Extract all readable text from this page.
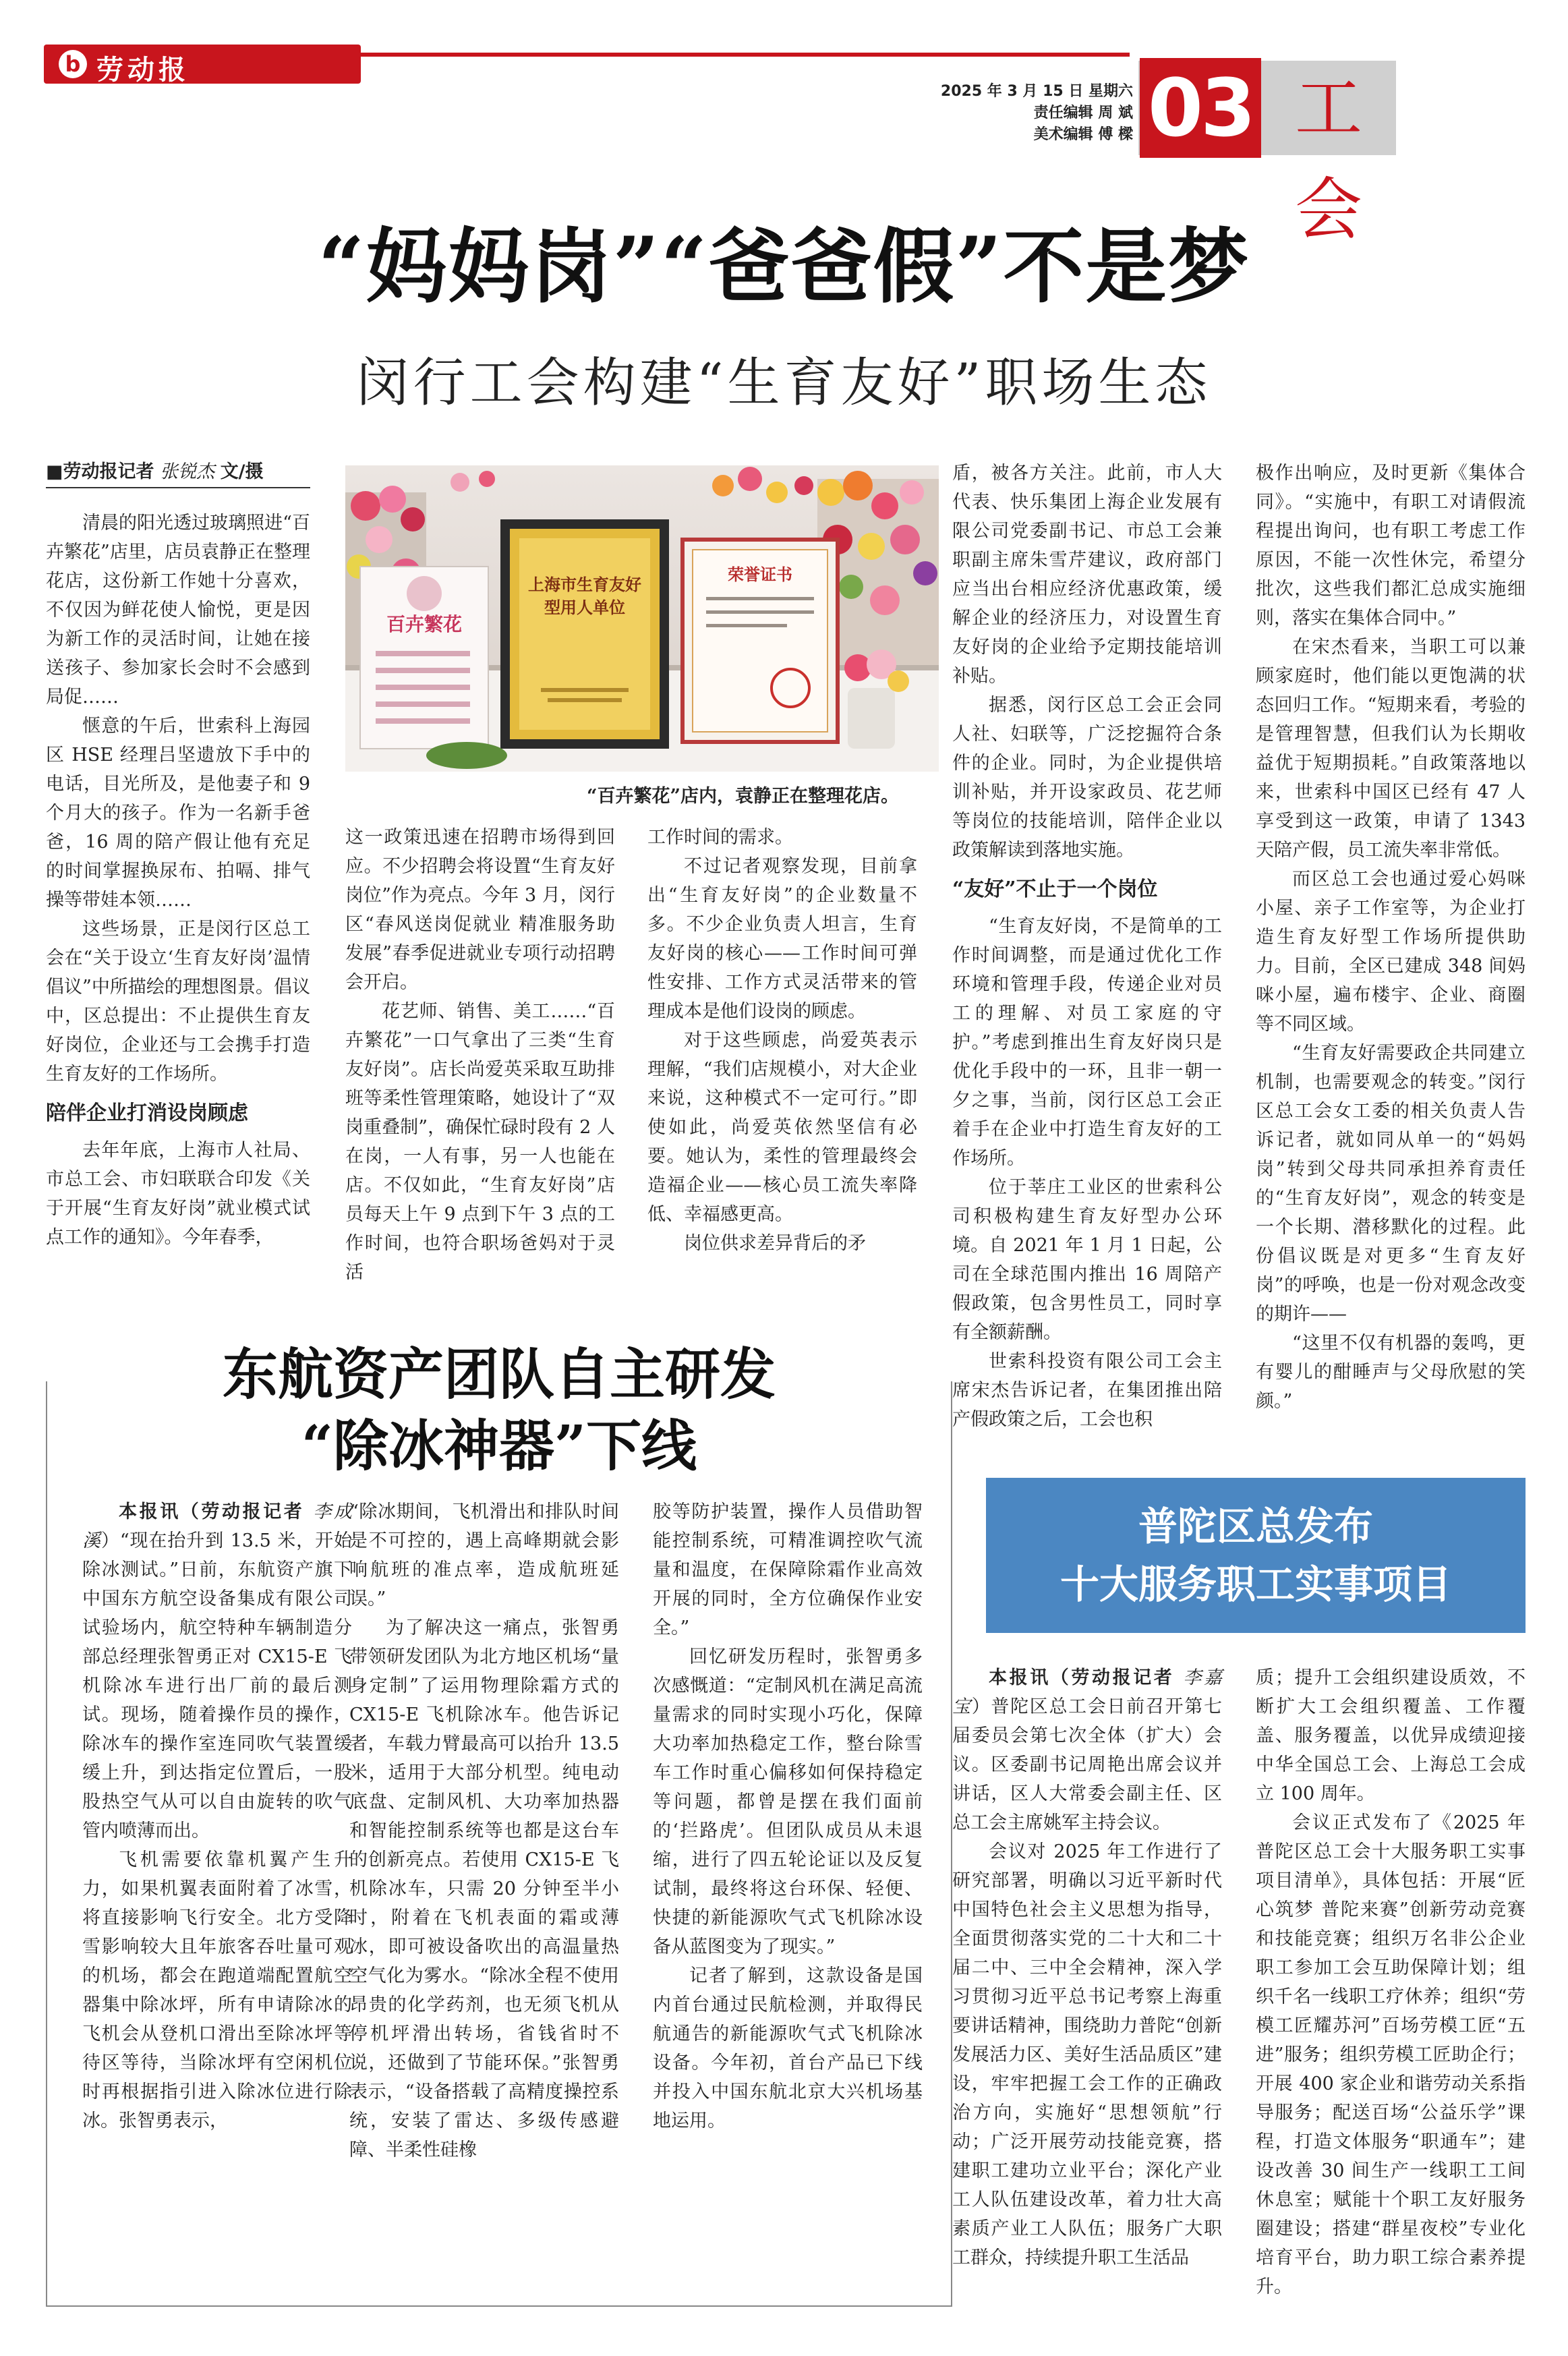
b 劳动报
2025 年 3 月 15 日 星期六
责任编辑 周 斌
美术编辑 傅 樑 03 工会
“妈妈岗”“爸爸假”不是梦
闵行工会构建“生育友好”职场生态
■劳动报记者 张锐杰 文/摄

清晨的阳光透过玻璃照进“百卉繁花”店里，店员袁静正在整理花店，这份新工作她十分喜欢，不仅因为鲜花使人愉悦，更是因为新工作的灵活时间，让她在接送孩子、参加家长会时不会感到局促……

惬意的午后，世索科上海园区 HSE 经理吕坚遗放下手中的电话，目光所及，是他妻子和 9 个月大的孩子。作为一名新手爸爸，16 周的陪产假让他有充足的时间掌握换尿布、拍嗝、排气操等带娃本领……

这些场景，正是闵行区总工会在“关于设立‘生育友好岗’温情倡议”中所描绘的理想图景。倡议中，区总提出：不止提供生育友好岗位，企业还与工会携手打造生育友好的工作场所。

陪伴企业打消设岗顾虑

去年年底，上海市人社局、市总工会、市妇联联合印发《关于开展“生育友好岗”就业模式试点工作的通知》。今年春季，

百卉繁花
上海市生育友好型用人单位
荣誉证书
“百卉繁花”店内，袁静正在整理花店。

这一政策迅速在招聘市场得到回应。不少招聘会将设置“生育友好岗位”作为亮点。今年 3 月，闵行区“春风送岗促就业 精准服务助发展”春季促进就业专项行动招聘会开启。

花艺师、销售、美工……“百卉繁花”一口气拿出了三类“生育友好岗”。店长尚爱英采取互助排班等柔性管理策略，她设计了“双岗重叠制”，确保忙碌时段有 2 人在岗，一人有事，另一人也能在店。不仅如此，“生育友好岗”店员每天上午 9 点到下午 3 点的工作时间，也符合职场爸妈对于灵活

工作时间的需求。

不过记者观察发现，目前拿出“生育友好岗”的企业数量不多。不少企业负责人坦言，生育友好岗的核心——工作时间可弹性安排、工作方式灵活带来的管理成本是他们设岗的顾虑。

对于这些顾虑，尚爱英表示理解，“我们店规模小，对大企业来说，这种模式不一定可行。”即使如此，尚爱英依然坚信有必要。她认为，柔性的管理最终会造福企业——核心员工流失率降低、幸福感更高。

岗位供求差异背后的矛

盾，被各方关注。此前，市人大代表、快乐集团上海企业发展有限公司党委副书记、市总工会兼职副主席朱雪芹建议，政府部门应当出台相应经济优惠政策，缓解企业的经济压力，对设置生育友好岗的企业给予定期技能培训补贴。

据悉，闵行区总工会正会同人社、妇联等，广泛挖掘符合条件的企业。同时，为企业提供培训补贴，并开设家政员、花艺师等岗位的技能培训，陪伴企业以政策解读到落地实施。

“友好”不止于一个岗位

“生育友好岗，不是简单的工作时间调整，而是通过优化工作环境和管理手段，传递企业对员工的理解、对员工家庭的守护。”考虑到推出生育友好岗只是优化手段中的一环，且非一朝一夕之事，当前，闵行区总工会正着手在企业中打造生育友好的工作场所。

位于莘庄工业区的世索科公司积极构建生育友好型办公环境。自 2021 年 1 月 1 日起，公司在全球范围内推出 16 周陪产假政策，包含男性员工，同时享有全额薪酬。

世索科投资有限公司工会主席宋杰告诉记者，在集团推出陪产假政策之后，工会也积

极作出响应，及时更新《集体合同》。“实施中，有职工对请假流程提出询问，也有职工考虑工作原因，不能一次性休完，希望分批次，这些我们都汇总成实施细则，落实在集体合同中。”

在宋杰看来，当职工可以兼顾家庭时，他们能以更饱满的状态回归工作。“短期来看，考验的是管理智慧，但我们认为长期收益优于短期损耗。”自政策落地以来，世索科中国区已经有 47 人享受到这一政策，申请了 1343 天陪产假，员工流失率非常低。

而区总工会也通过爱心妈咪小屋、亲子工作室等，为企业打造生育友好型工作场所提供助力。目前，全区已建成 348 间妈咪小屋，遍布楼宇、企业、商圈等不同区域。

“生育友好需要政企共同建立机制，也需要观念的转变。”闵行区总工会女工委的相关负责人告诉记者，就如同从单一的“妈妈岗”转到父母共同承担养育责任的“生育友好岗”，观念的转变是一个长期、潜移默化的过程。此份倡议既是对更多“生育友好岗”的呼唤，也是一份对观念改变的期许——

“这里不仅有机器的轰鸣，更有婴儿的酣睡声与父母欣慰的笑颜。”

东航资产团队自主研发
“除冰神器”下线

本报讯（劳动报记者 李成溪）“现在抬升到 13.5 米，开始除冰测试。”日前，东航资产旗下中国东方航空设备集成有限公司试验场内，航空特种车辆制造分部总经理张智勇正对 CX15-E 飞机除冰车进行出厂前的最后测试。现场，随着操作员的操作，除冰车的操作室连同吹气装置缓缓上升，到达指定位置后，一股股热空气从可以自由旋转的吹气管内喷薄而出。

飞机需要依靠机翼产生升力，如果机翼表面附着了冰雪，将直接影响飞行安全。北方受降雪影响较大且年旅客吞吐量可观的机场，都会在跑道端配置航空器集中除冰坪，所有申请除冰的飞机会从登机口滑出至除冰坪等待区等待，当除冰坪有空闲机位时再根据指引进入除冰位进行除冰。张智勇表示，

“除冰期间，飞机滑出和排队时间是不可控的，遇上高峰期就会影响航班的准点率，造成航班延误。”

为了解决这一痛点，张智勇带领研发团队为北方地区机场“量身定制”了运用物理除霜方式的 CX15-E 飞机除冰车。他告诉记者，车载力臂最高可以抬升 13.5 米，适用于大部分机型。纯电动底盘、定制风机、大功率加热器和智能控制系统等也都是这台车的创新亮点。若使用 CX15-E 飞机除冰车，只需 20 分钟至半小时，附着在飞机表面的霜或薄冰，即可被设备吹出的高温量热空气化为雾水。“除冰全程不使用昂贵的化学药剂，也无须飞机从停机坪滑出转场，省钱省时不说，还做到了节能环保。”张智勇表示，“设备搭载了高精度操控系统，安装了雷达、多级传感避障、半柔性硅橡

胶等防护装置，操作人员借助智能控制系统，可精准调控吹气流量和温度，在保障除霜作业高效开展的同时，全方位确保作业安全。”

回忆研发历程时，张智勇多次感慨道：“定制风机在满足高流量需求的同时实现小巧化，保障大功率加热稳定工作，整台除雪车工作时重心偏移如何保持稳定等问题，都曾是摆在我们面前的‘拦路虎’。但团队成员从未退缩，进行了四五轮论证以及反复试制，最终将这台环保、轻便、快捷的新能源吹气式飞机除冰设备从蓝图变为了现实。”

记者了解到，这款设备是国内首台通过民航检测，并取得民航通告的新能源吹气式飞机除冰设备。今年初，首台产品已下线并投入中国东航北京大兴机场基地运用。

普陀区总发布
十大服务职工实事项目

本报讯（劳动报记者 李嘉宝）普陀区总工会日前召开第七届委员会第七次全体（扩大）会议。区委副书记周艳出席会议并讲话，区人大常委会副主任、区总工会主席姚军主持会议。

会议对 2025 年工作进行了研究部署，明确以习近平新时代中国特色社会主义思想为指导，全面贯彻落实党的二十大和二十届二中、三中全会精神，深入学习贯彻习近平总书记考察上海重要讲话精神，围绕助力普陀“创新发展活力区、美好生活品质区”建设，牢牢把握工会工作的正确政治方向，实施好“思想领航”行动；广泛开展劳动技能竞赛，搭建职工建功立业平台；深化产业工人队伍建设改革，着力壮大高素质产业工人队伍；服务广大职工群众，持续提升职工生活品

质；提升工会组织建设质效，不断扩大工会组织覆盖、工作覆盖、服务覆盖，以优异成绩迎接中华全国总工会、上海总工会成立 100 周年。

会议正式发布了《2025 年普陀区总工会十大服务职工实事项目清单》，具体包括：开展“匠心筑梦 普陀来赛”创新劳动竞赛和技能竞赛；组织万名非公企业职工参加工会互助保障计划；组织千名一线职工疗休养；组织“劳模工匠耀苏河”百场劳模工匠“五进”服务；组织劳模工匠助企行；开展 400 家企业和谐劳动关系指导服务；配送百场“公益乐学”课程，打造文体服务“职通车”；建设改善 30 间生产一线职工工间休息室；赋能十个职工友好服务圈建设；搭建“群星夜校”专业化培育平台，助力职工综合素养提升。
